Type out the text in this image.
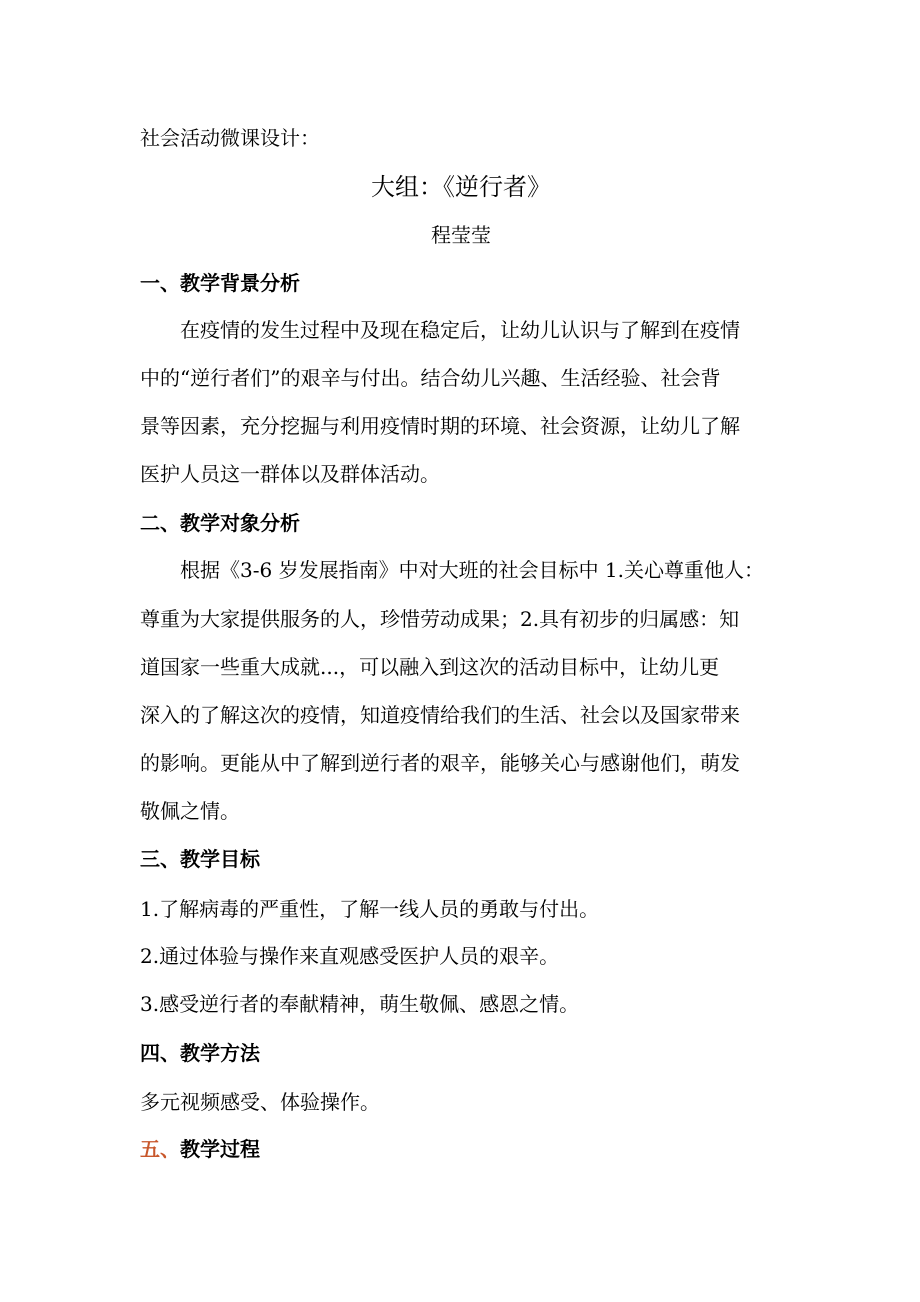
社会活动微课设计：
大组：《逆行者》
程莹莹
一、教学背景分析
在疫情的发生过程中及现在稳定后，让幼儿认识与了解到在疫情
中的“逆行者们”的艰辛与付出。结合幼儿兴趣、生活经验、社会背
景等因素，充分挖掘与利用疫情时期的环境、社会资源，让幼儿了解
医护人员这一群体以及群体活动。
二、教学对象分析
根据《3-6 岁发展指南》中对大班的社会目标中 1.关心尊重他人：
尊重为大家提供服务的人，珍惜劳动成果；2.具有初步的归属感：知
道国家一些重大成就...，可以融入到这次的活动目标中，让幼儿更
深入的了解这次的疫情，知道疫情给我们的生活、社会以及国家带来
的影响。更能从中了解到逆行者的艰辛，能够关心与感谢他们，萌发
敬佩之情。
三、教学目标
1.了解病毒的严重性，了解一线人员的勇敢与付出。
2.通过体验与操作来直观感受医护人员的艰辛。
3.感受逆行者的奉献精神，萌生敬佩、感恩之情。
四、教学方法
多元视频感受、体验操作。
五、教学过程
